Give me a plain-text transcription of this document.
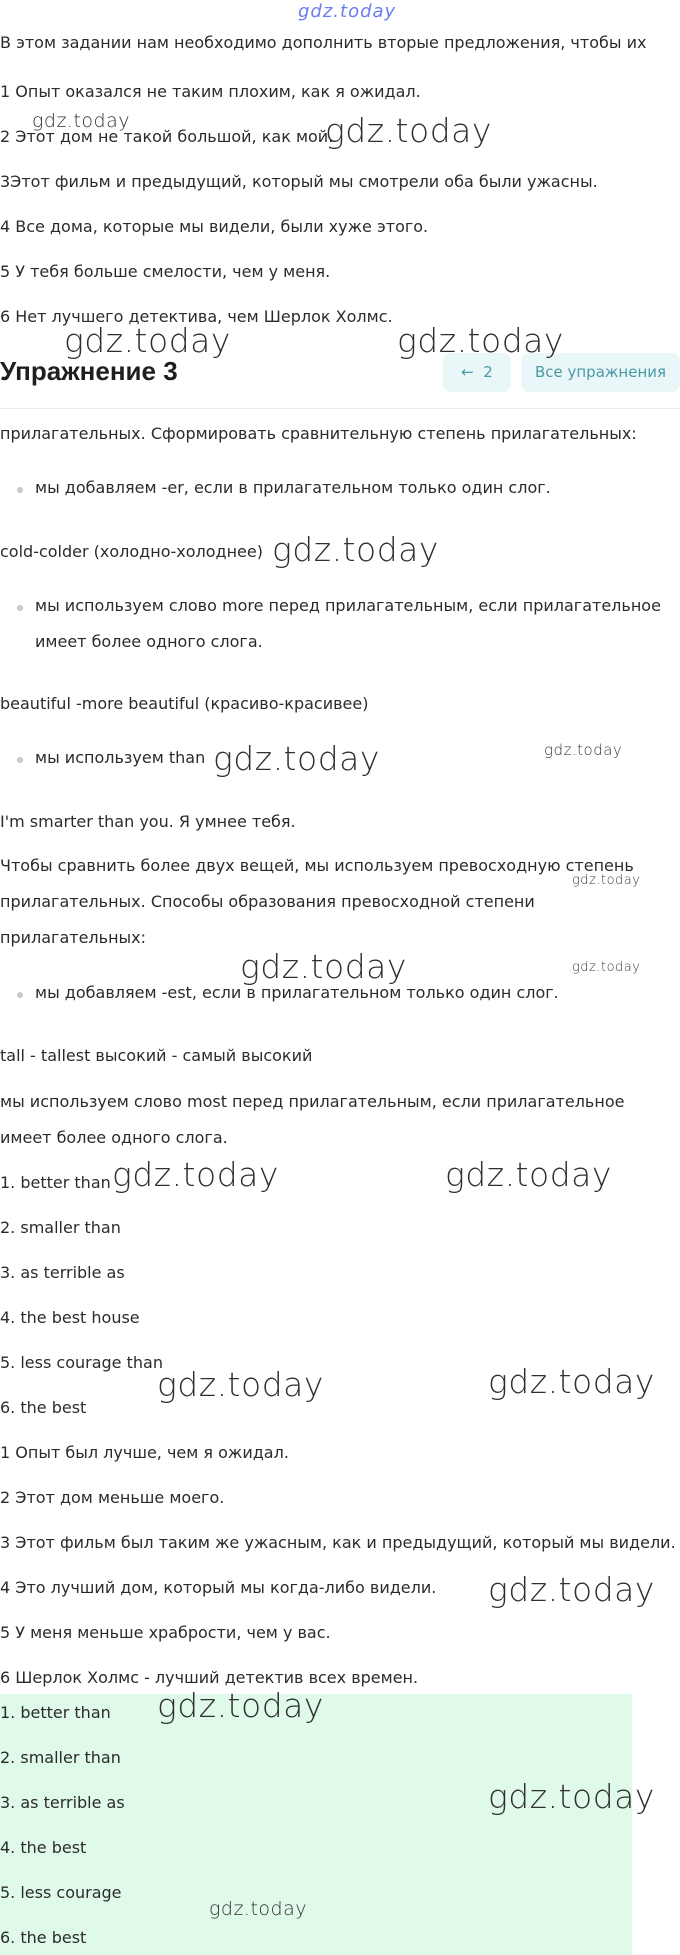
gdz.today
В этом задании нам необходимо дополнить вторые предложения, чтобы их
1 Опыт оказался не таким плохим, как я ожидал.
2 Этот дом не такой большой, как мой.
3Этот фильм и предыдущий, который мы смотрели оба были ужасны.
4 Все дома, которые мы видели, были хуже этого.
5 У тебя больше смелости, чем у меня.
6 Нет лучшего детектива, чем Шерлок Холмс.
Упражнение 3	← 2	Все упражнения
прилагательных. Сформировать сравнительную степень прилагательных:
мы добавляем -er, если в прилагательном только один слог.
cold-colder (холодно-холоднее)
мы используем слово more перед прилагательным, если прилагательное
имеет более одного слога.
beautiful -more beautiful (красиво-красивее)
мы используем than
I'm smarter than you. Я умнее тебя.
Чтобы сравнить более двух вещей, мы используем превосходную степень
прилагательных. Способы образования превосходной степени
прилагательных:
мы добавляем -est, если в прилагательном только один слог.
tall - tallest высокий - самый высокий
мы используем слово most перед прилагательным, если прилагательное
имеет более одного слога.
1. better than
2. smaller than
3. as terrible as
4. the best house
5. less courage than
6. the best
1 Опыт был лучше, чем я ожидал.
2 Этот дом меньше моего.
3 Этот фильм был таким же ужасным, как и предыдущий, который мы видели.
4 Это лучший дом, который мы когда-либо видели.
5 У меня меньше храбрости, чем у вас.
6 Шерлок Холмс - лучший детектив всех времен.
1. better than
2. smaller than
3. as terrible as
4. the best
5. less courage
6. the best
gdz.today	gdz.today
gdz.today	gdz.today
gdz.today
gdz.today	gdz.today
gdz.today
gdz.today	gdz.today
gdz.today	gdz.today
gdz.today	gdz.today
gdz.today
gdz.today
gdz.today
gdz.today
